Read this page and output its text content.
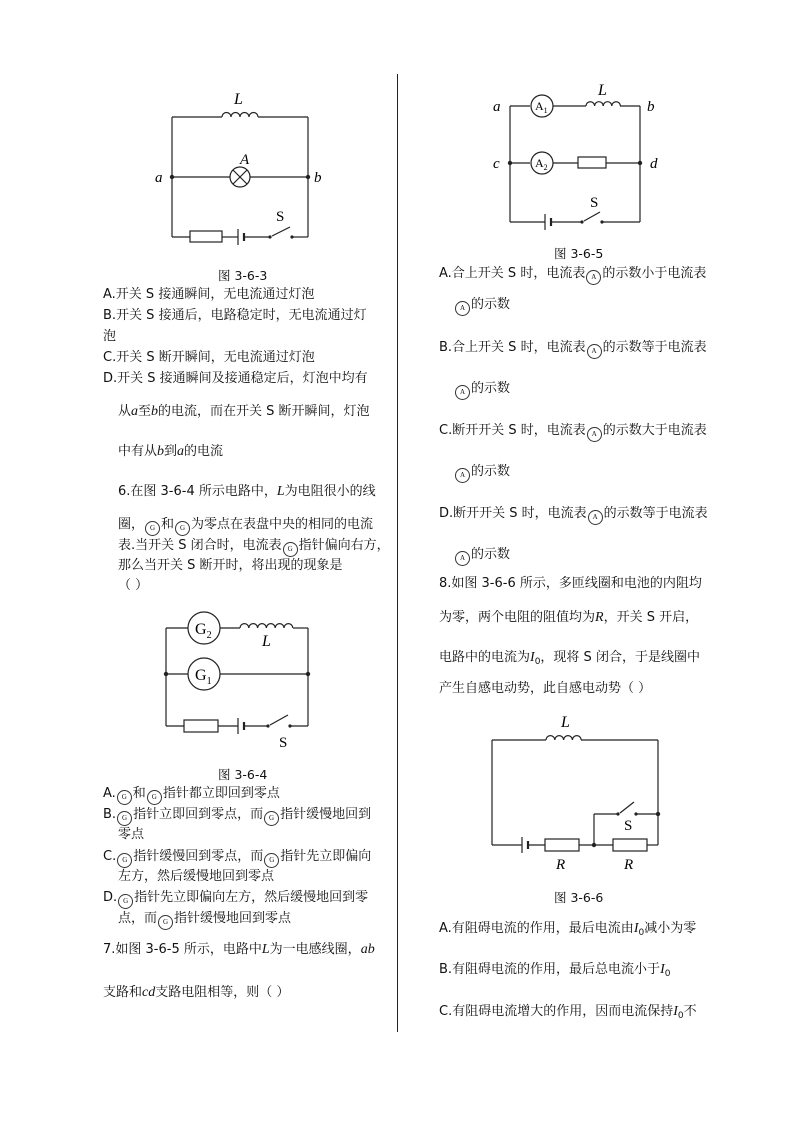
L
A
a	b
S
图 3-6-3
A.开关 S 接通瞬间，无电流通过灯泡
B.开关 S 接通后，电路稳定时，无电流通过灯
泡
C.开关 S 断开瞬间，无电流通过灯泡
D.开关 S 接通瞬间及接通稳定后，灯泡中均有
从a至b的电流，而在开关 S 断开瞬间，灯泡
中有从b到a的电流
6.在图 3-6-4 所示电路中，L为电阻很小的线
圈， G 和 G 为零点在表盘中央的相同的电流
表.当开关 S 闭合时，电流表 G 指针偏向右方，
那么当开关 S 断开时，将出现的现象是
（ ）
$G_2$
$G_1$
L
S
图 3-6-4
A. G 和 G 指针都立即回到零点
B. G 指针立即回到零点，而 G 指针缓慢地回到
零点
C. G 指针缓慢回到零点，而 G 指针先立即偏向
左方，然后缓慢地回到零点
D. G 指针先立即偏向左方，然后缓慢地回到零
点，而 G 指针缓慢地回到零点
7.如图 3-6-5 所示，电路中L为一电感线圈，ab
支路和cd支路电阻相等，则（ ）
$A_1$
$A_2$
L
a	b
c	d
S
图 3-6-5
A.合上开关 S 时，电流表 A 的示数小于电流表
A 的示数
B.合上开关 S 时，电流表 A 的示数等于电流表
A 的示数
C.断开开关 S 时，电流表 A 的示数大于电流表
A 的示数
D.断开开关 S 时，电流表 A 的示数等于电流表
A 的示数
8.如图 3-6-6 所示，多匝线圈和电池的内阻均
为零，两个电阻的阻值均为R，开关 S 开启，
电路中的电流为$I_0$，现将 S 闭合，于是线圈中
产生自感电动势，此自感电动势（ ）
L
S
R	R
图 3-6-6
A.有阻碍电流的作用，最后电流由$I_0$减小为零
B.有阻碍电流的作用，最后总电流小于$I_0$
C.有阻碍电流增大的作用，因而电流保持$I_0$不
